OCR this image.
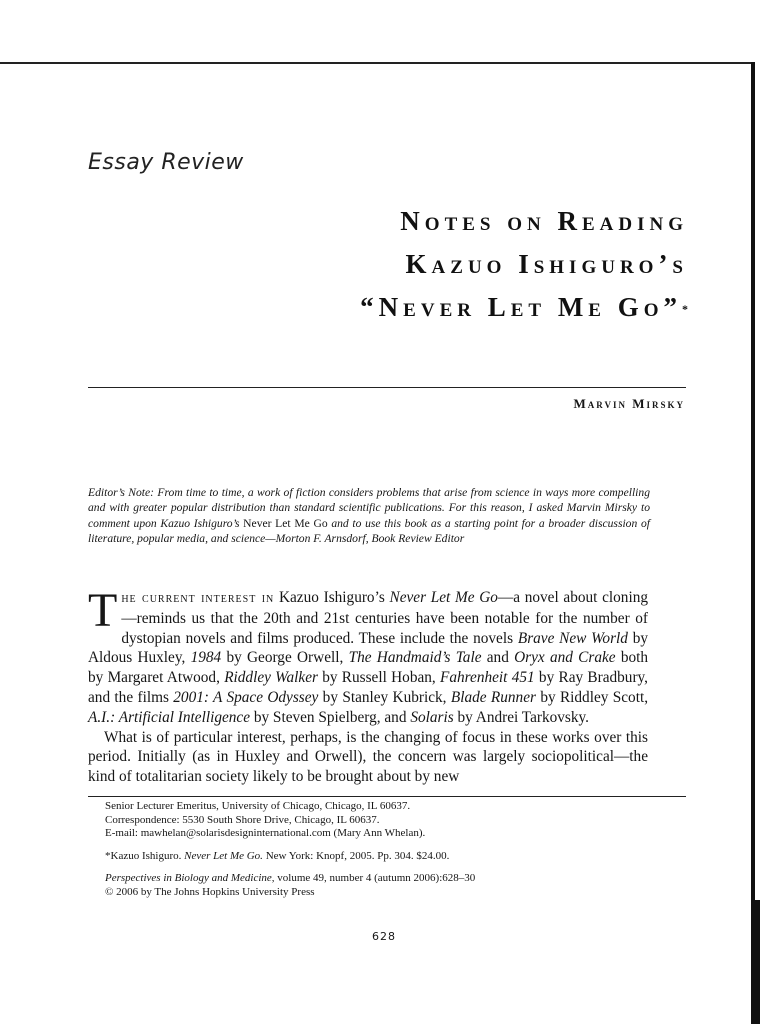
Essay Review
Notes on Reading
Kazuo Ishiguro’s
“Never Let Me Go”*
Marvin Mirsky
Editor’s Note: From time to time, a work of fiction considers problems that arise from science in ways more compelling and with greater popular distribution than standard scientific publications. For this reason, I asked Marvin Mirsky to comment upon Kazuo Ishiguro’s Never Let Me Go and to use this book as a starting point for a broader discussion of literature, popular media, and science—Morton F. Arnsdorf, Book Review Editor

The current interest in Kazuo Ishiguro’s Never Let Me Go—a novel about cloning—reminds us that the 20th and 21st centuries have been notable for the number of dystopian novels and films produced. These include the novels Brave New World by Aldous Huxley, 1984 by George Orwell, The Handmaid’s Tale and Oryx and Crake both by Margaret Atwood, Riddley Walker by Russell Hoban, Fahrenheit 451 by Ray Bradbury, and the films 2001: A Space Odyssey by Stanley Kubrick, Blade Runner by Riddley Scott, A.I.: Artificial Intelligence by Steven Spielberg, and Solaris by Andrei Tarkovsky.

What is of particular interest, perhaps, is the changing of focus in these works over this period. Initially (as in Huxley and Orwell), the concern was largely sociopolitical—the kind of totalitarian society likely to be brought about by new

Senior Lecturer Emeritus, University of Chicago, Chicago, IL 60637.
Correspondence: 5530 South Shore Drive, Chicago, IL 60637.
E-mail: mawhelan@solarisdesigninternational.com (Mary Ann Whelan).
*Kazuo Ishiguro. Never Let Me Go. New York: Knopf, 2005. Pp. 304. $24.00.
Perspectives in Biology and Medicine, volume 49, number 4 (autumn 2006):628–30
© 2006 by The Johns Hopkins University Press
628
